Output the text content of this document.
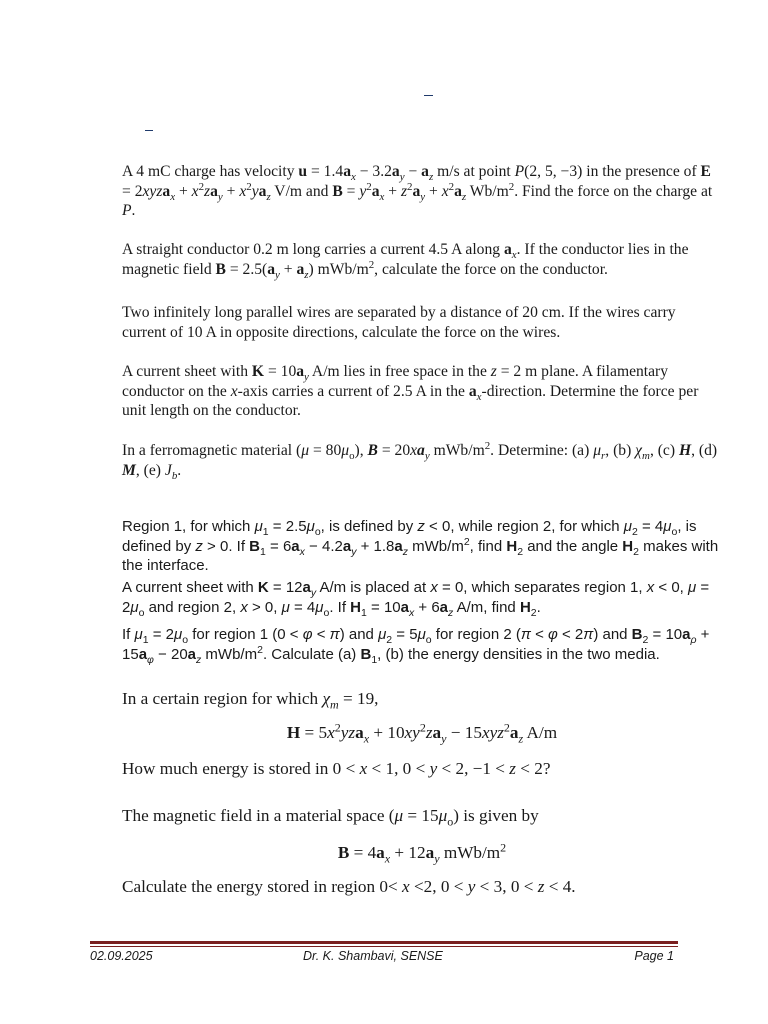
A 4 mC charge has velocity $u = 1.4a_x - 3.2a_y - a_z$ m/s at point P(2, 5, −3) in the presence of E = 2xyza$_x$ + $x^2za_y + x^2ya_z$ V/m and $B = y^2a_x + z^2a_y + x^2a_z$ $Wb/m^2$. Find the force on the charge at P.

A straight conductor 0.2 m long carries a current 4.5 A along $a_x$. If the conductor lies in the magnetic field $B = 2.5(a_y + a_z)$ mWb/$m^2$, calculate the force on the conductor.

Two infinitely long parallel wires are separated by a distance of 20 cm. If the wires carry current of 10 A in opposite directions, calculate the force on the wires.

A current sheet with $K = 10a_y$ A/m lies in free space in the z = 2 m plane. A filamentary conductor on the x-axis carries a current of 2.5 A in the $a_x$-direction. Determine the force per unit length on the conductor.

In a ferromagnetic material $(\mu = 80\mu_o)$, $B = 20xa_y$ mWb/$m^2$. Determine: (a) $\mu_r$, (b) $\chi_m$, (c) H, (d) M, (e) $J_b$.

Region 1, for which $\mu_1 = 2.5\mu_o$, is defined by z < 0, while region 2, for which $\mu_2 = 4\mu_o$, is defined by z > 0. If $B_1 = 6a_x - 4.2a_y + 1.8a_z$ mWb/$m^2$, find $H_2$ and the angle $H_2$ makes with the interface.

A current sheet with $K = 12a_y$ A/m is placed at x = 0, which separates region 1, x < 0, $\mu = 2\mu_o$ and region 2, x > 0, $\mu = 4\mu_o$. If $H_1 = 10a_x + 6a_z$ A/m, find $H_2$.

If $\mu_1 = 2\mu_o$ for region 1 (0 < φ < π) and $\mu_2 = 5\mu_o$ for region 2 (π < φ < 2π) and $B_2 = 10a_\rho + 15a_\varphi - 20a_z$ mWb/$m^2$. Calculate (a) $B_1$, (b) the energy densities in the two media.

In a certain region for which $\chi_m = 19$,

$H = 5x^2yza_x + 10xy^2za_y - 15xyz^2a_z$ A/m

How much energy is stored in 0 < x < 1, 0 < y < 2, −1 < z < 2?

The magnetic field in a material space $(\mu = 15\mu_o)$ is given by

$B = 4a_x + 12a_y$ mWb/$m^2$

Calculate the energy stored in region 0< x <2, 0 < y < 3, 0 < z < 4.

02.09.2025	Dr. K. Shambavi, SENSE	Page 1
